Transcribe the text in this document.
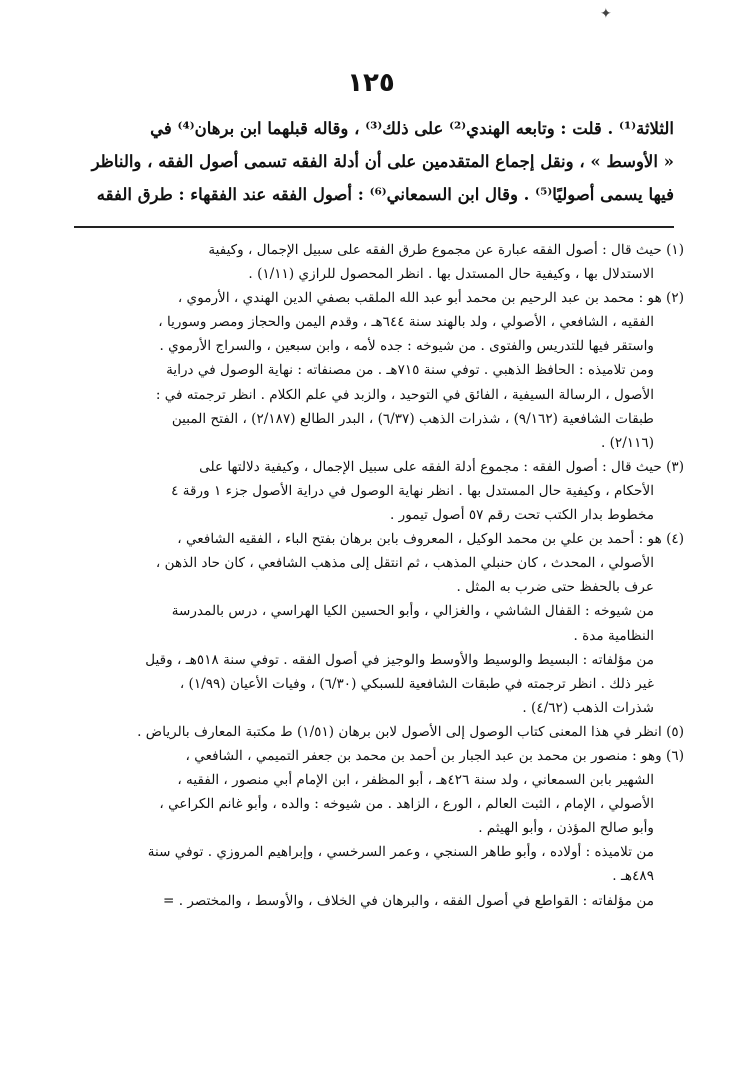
✦
١٢٥

الثلاثة⁽¹⁾ . قلت : وتابعه الهندي⁽²⁾ على ذلك⁽³⁾ ، وقاله قبلهما ابن برهان⁽⁴⁾ في

« الأوسط » ، ونقل إجماع المتقدمين على أن أدلة الفقه تسمى أصول الفقه ، والناظر

فيها يسمى أصوليًا⁽⁵⁾ . وقال ابن السمعاني⁽⁶⁾ : أصول الفقه عند الفقهاء : طرق الفقه

(١) حيث قال : أصول الفقه عبارة عن مجموع طرق الفقه على سبيل الإجمال ، وكيفية

الاستدلال بها ، وكيفية حال المستدل بها . انظر المحصول للرازي (١/١١) .

(٢) هو : محمد بن عبد الرحيم بن محمد أبو عبد الله الملقب بصفي الدين الهندي ، الأرموي ،

الفقيه ، الشافعي ، الأصولي ، ولد بالهند سنة ٦٤٤هـ ، وقدم اليمن والحجاز ومصر وسوريا ،

واستقر فيها للتدريس والفتوى . من شيوخه : جده لأمه ، وابن سبعين ، والسراج الأرموي .

ومن تلاميذه : الحافظ الذهبي . توفي سنة ٧١٥هـ . من مصنفاته : نهاية الوصول في دراية

الأصول ، الرسالة السيفية ، الفائق في التوحيد ، والزبد في علم الكلام . انظر ترجمته في :

طبقات الشافعية (٩/١٦٢) ، شذرات الذهب (٦/٣٧) ، البدر الطالع (٢/١٨٧) ، الفتح المبين

(٢/١١٦) .

(٣) حيث قال : أصول الفقه : مجموع أدلة الفقه على سبيل الإجمال ، وكيفية دلالتها على

الأحكام ، وكيفية حال المستدل بها . انظر نهاية الوصول في دراية الأصول جزء ١ ورقة ٤

مخطوط بدار الكتب تحت رقم ٥٧ أصول تيمور .

(٤) هو : أحمد بن علي بن محمد الوكيل ، المعروف بابن برهان بفتح الباء ، الفقيه الشافعي ،

الأصولي ، المحدث ، كان حنبلي المذهب ، ثم انتقل إلى مذهب الشافعي ، كان حاد الذهن ،

عرف بالحفظ حتى ضرب به المثل .

من شيوخه : القفال الشاشي ، والغزالي ، وأبو الحسين الكيا الهراسي ، درس بالمدرسة

النظامية مدة .

من مؤلفاته : البسيط والوسيط والأوسط والوجيز في أصول الفقه . توفي سنة ٥١٨هـ ، وقيل

غير ذلك . انظر ترجمته في طبقات الشافعية للسبكي (٦/٣٠) ، وفيات الأعيان (١/٩٩) ،

شذرات الذهب (٤/٦٢) .

(٥) انظر في هذا المعنى كتاب الوصول إلى الأصول لابن برهان (١/٥١) ط مكتبة المعارف بالرياض .

(٦) وهو : منصور بن محمد بن عبد الجبار بن أحمد بن محمد بن جعفر التميمي ، الشافعي ،

الشهير بابن السمعاني ، ولد سنة ٤٢٦هـ ، أبو المظفر ، ابن الإمام أبي منصور ، الفقيه ،

الأصولي ، الإمام ، الثبت العالم ، الورع ، الزاهد . من شيوخه : والده ، وأبو غانم الكراعي ،

وأبو صالح المؤذن ، وأبو الهيثم .

من تلاميذه : أولاده ، وأبو طاهر السنجي ، وعمر السرخسي ، وإبراهيم المروزي . توفي سنة

٤٨٩هـ .

من مؤلفاته : القواطع في أصول الفقه ، والبرهان في الخلاف ، والأوسط ، والمختصر . =
